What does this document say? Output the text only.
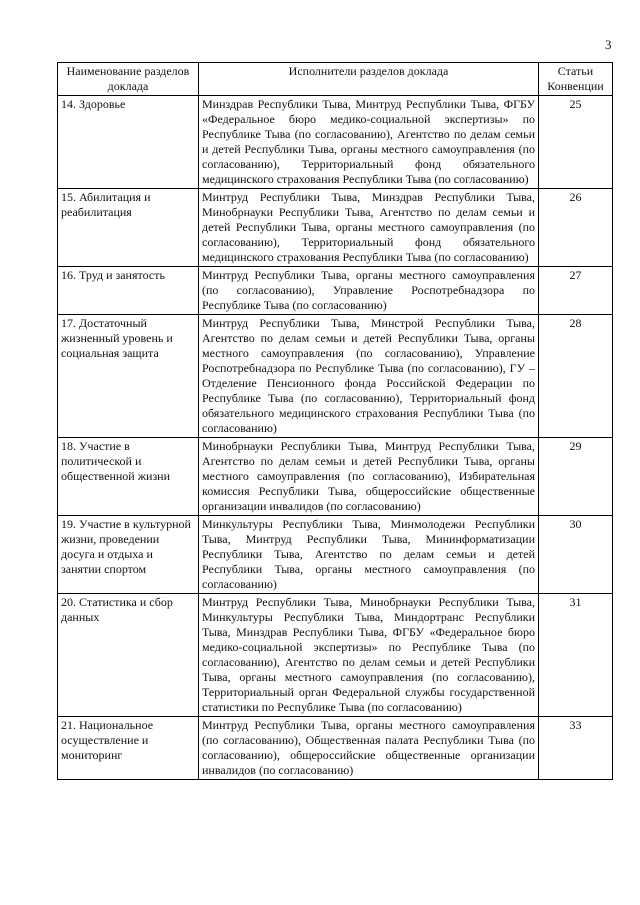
3
Наименование разделов доклада	Исполнители разделов доклада	Статьи Конвенции
14. Здоровье	Минздрав Республики Тыва, Минтруд Республики Тыва, ФГБУ «Федеральное бюро медико-социальной экспертизы» по Республике Тыва (по согласованию), Агентство по делам семьи и детей Республики Тыва, органы местного самоуправления (по согласованию), Территориальный фонд обязательного медицинского страхования Республики Тыва (по согласованию)	25
15. Абилитация и реабилитация	Минтруд Республики Тыва, Минздрав Республики Тыва, Минобрнауки Республики Тыва, Агентство по делам семьи и детей Республики Тыва, органы местного самоуправления (по согласованию), Территориальный фонд обязательного медицинского страхования Республики Тыва (по согласованию)	26
16. Труд и занятость	Минтруд Республики Тыва, органы местного самоуправления (по согласованию), Управление Роспотребнадзора по Республике Тыва (по согласованию)	27
17. Достаточный жизненный уровень и социальная защита	Минтруд Республики Тыва, Минстрой Республики Тыва, Агентство по делам семьи и детей Республики Тыва, органы местного самоуправления (по согласованию), Управление Роспотребнадзора по Республике Тыва (по согласованию), ГУ – Отделение Пенсионного фонда Российской Федерации по Республике Тыва (по согласованию), Территориальный фонд обязательного медицинского страхования Республики Тыва (по согласованию)	28
18. Участие в политической и общественной жизни	Минобрнауки Республики Тыва, Минтруд Республики Тыва, Агентство по делам семьи и детей Республики Тыва, органы местного самоуправления (по согласованию), Избирательная комиссия Республики Тыва, общероссийские общественные организации инвалидов (по согласованию)	29
19. Участие в культурной жизни, проведении досуга и отдыха и занятии спортом	Минкультуры Республики Тыва, Минмолодежи Республики Тыва, Минтруд Республики Тыва, Мининформатизации Республики Тыва, Агентство по делам семьи и детей Республики Тыва, органы местного самоуправления (по согласованию)	30
20. Статистика и сбор данных	Минтруд Республики Тыва, Минобрнауки Республики Тыва, Минкультуры Республики Тыва, Миндортранс Республики Тыва, Минздрав Республики Тыва, ФГБУ «Федеральное бюро медико-социальной экспертизы» по Республике Тыва (по согласованию), Агентство по делам семьи и детей Республики Тыва, органы местного самоуправления (по согласованию), Территориальный орган Федеральной службы государственной статистики по Республике Тыва (по согласованию)	31
21. Национальное осуществление и мониторинг	Минтруд Республики Тыва, органы местного самоуправления (по согласованию), Общественная палата Республики Тыва (по согласованию), общероссийские общественные организации инвалидов (по согласованию)	33
